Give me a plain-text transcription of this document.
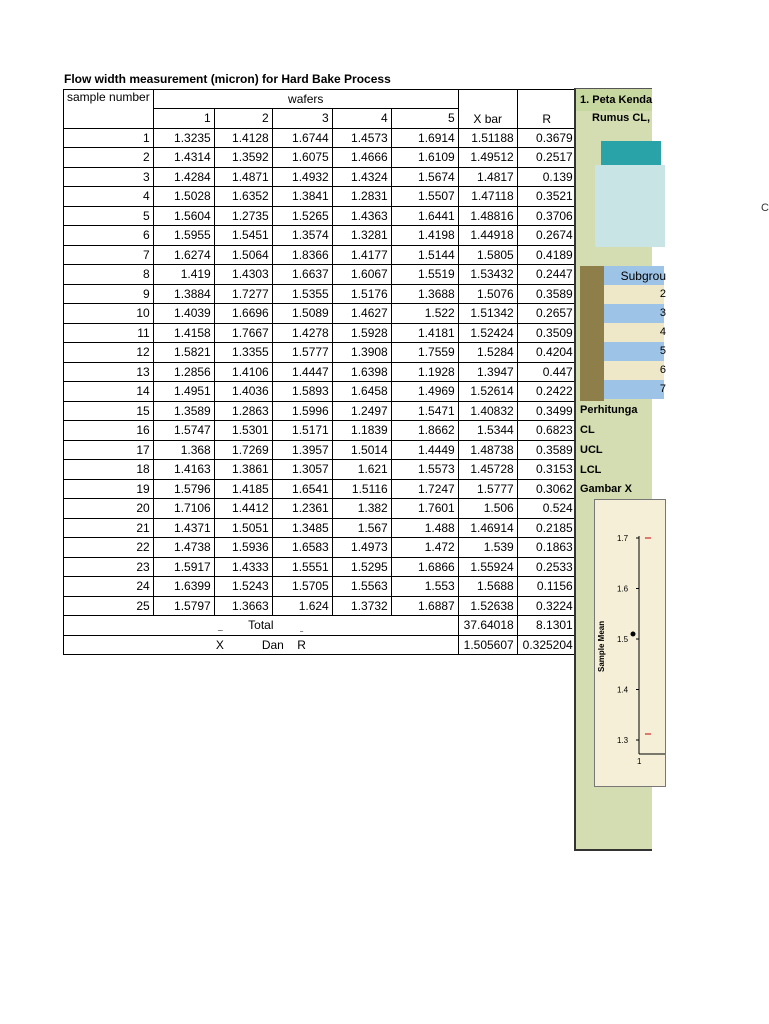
Flow width measurement (micron) for Hard Bake Process
sample number	wafers					X bar	R
	1	2	3	4	5		
1	1.3235	1.4128	1.6744	1.4573	1.6914	1.51188	0.3679
2	1.4314	1.3592	1.6075	1.4666	1.6109	1.49512	0.2517
3	1.4284	1.4871	1.4932	1.4324	1.5674	1.4817	0.139
4	1.5028	1.6352	1.3841	1.2831	1.5507	1.47118	0.3521
5	1.5604	1.2735	1.5265	1.4363	1.6441	1.48816	0.3706
6	1.5955	1.5451	1.3574	1.3281	1.4198	1.44918	0.2674
7	1.6274	1.5064	1.8366	1.4177	1.5144	1.5805	0.4189
8	1.419	1.4303	1.6637	1.6067	1.5519	1.53432	0.2447
9	1.3884	1.7277	1.5355	1.5176	1.3688	1.5076	0.3589
10	1.4039	1.6696	1.5089	1.4627	1.522	1.51342	0.2657
11	1.4158	1.7667	1.4278	1.5928	1.4181	1.52424	0.3509
12	1.5821	1.3355	1.5777	1.3908	1.7559	1.5284	0.4204
13	1.2856	1.4106	1.4447	1.6398	1.1928	1.3947	0.447
14	1.4951	1.4036	1.5893	1.6458	1.4969	1.52614	0.2422
15	1.3589	1.2863	1.5996	1.2497	1.5471	1.40832	0.3499
16	1.5747	1.5301	1.5171	1.1839	1.8662	1.5344	0.6823
17	1.368	1.7269	1.3957	1.5014	1.4449	1.48738	0.3589
18	1.4163	1.3861	1.3057	1.621	1.5573	1.45728	0.3153
19	1.5796	1.4185	1.6541	1.5116	1.7247	1.5777	0.3062
20	1.7106	1.4412	1.2361	1.382	1.7601	1.506	0.524
21	1.4371	1.5051	1.3485	1.567	1.488	1.46914	0.2185
22	1.4738	1.5936	1.6583	1.4973	1.472	1.539	0.1863
23	1.5917	1.4333	1.5551	1.5295	1.6866	1.55924	0.2533
24	1.6399	1.5243	1.5705	1.5563	1.553	1.5688	0.1156
25	1.5797	1.3663	1.624	1.3732	1.6887	1.52638	0.3224
Total						37.64018	8.1301

‾‾
X Dan
‾
R						1.505607	0.325204
1. Peta Kenda
Rumus CL,
Control
C
Subgrou
2
3
4
5
6
7
Perhitunga
CL
UCL
LCL
Gambar X
1.7
1.6
1.5
1.4
1.3
Sample Mean
1
